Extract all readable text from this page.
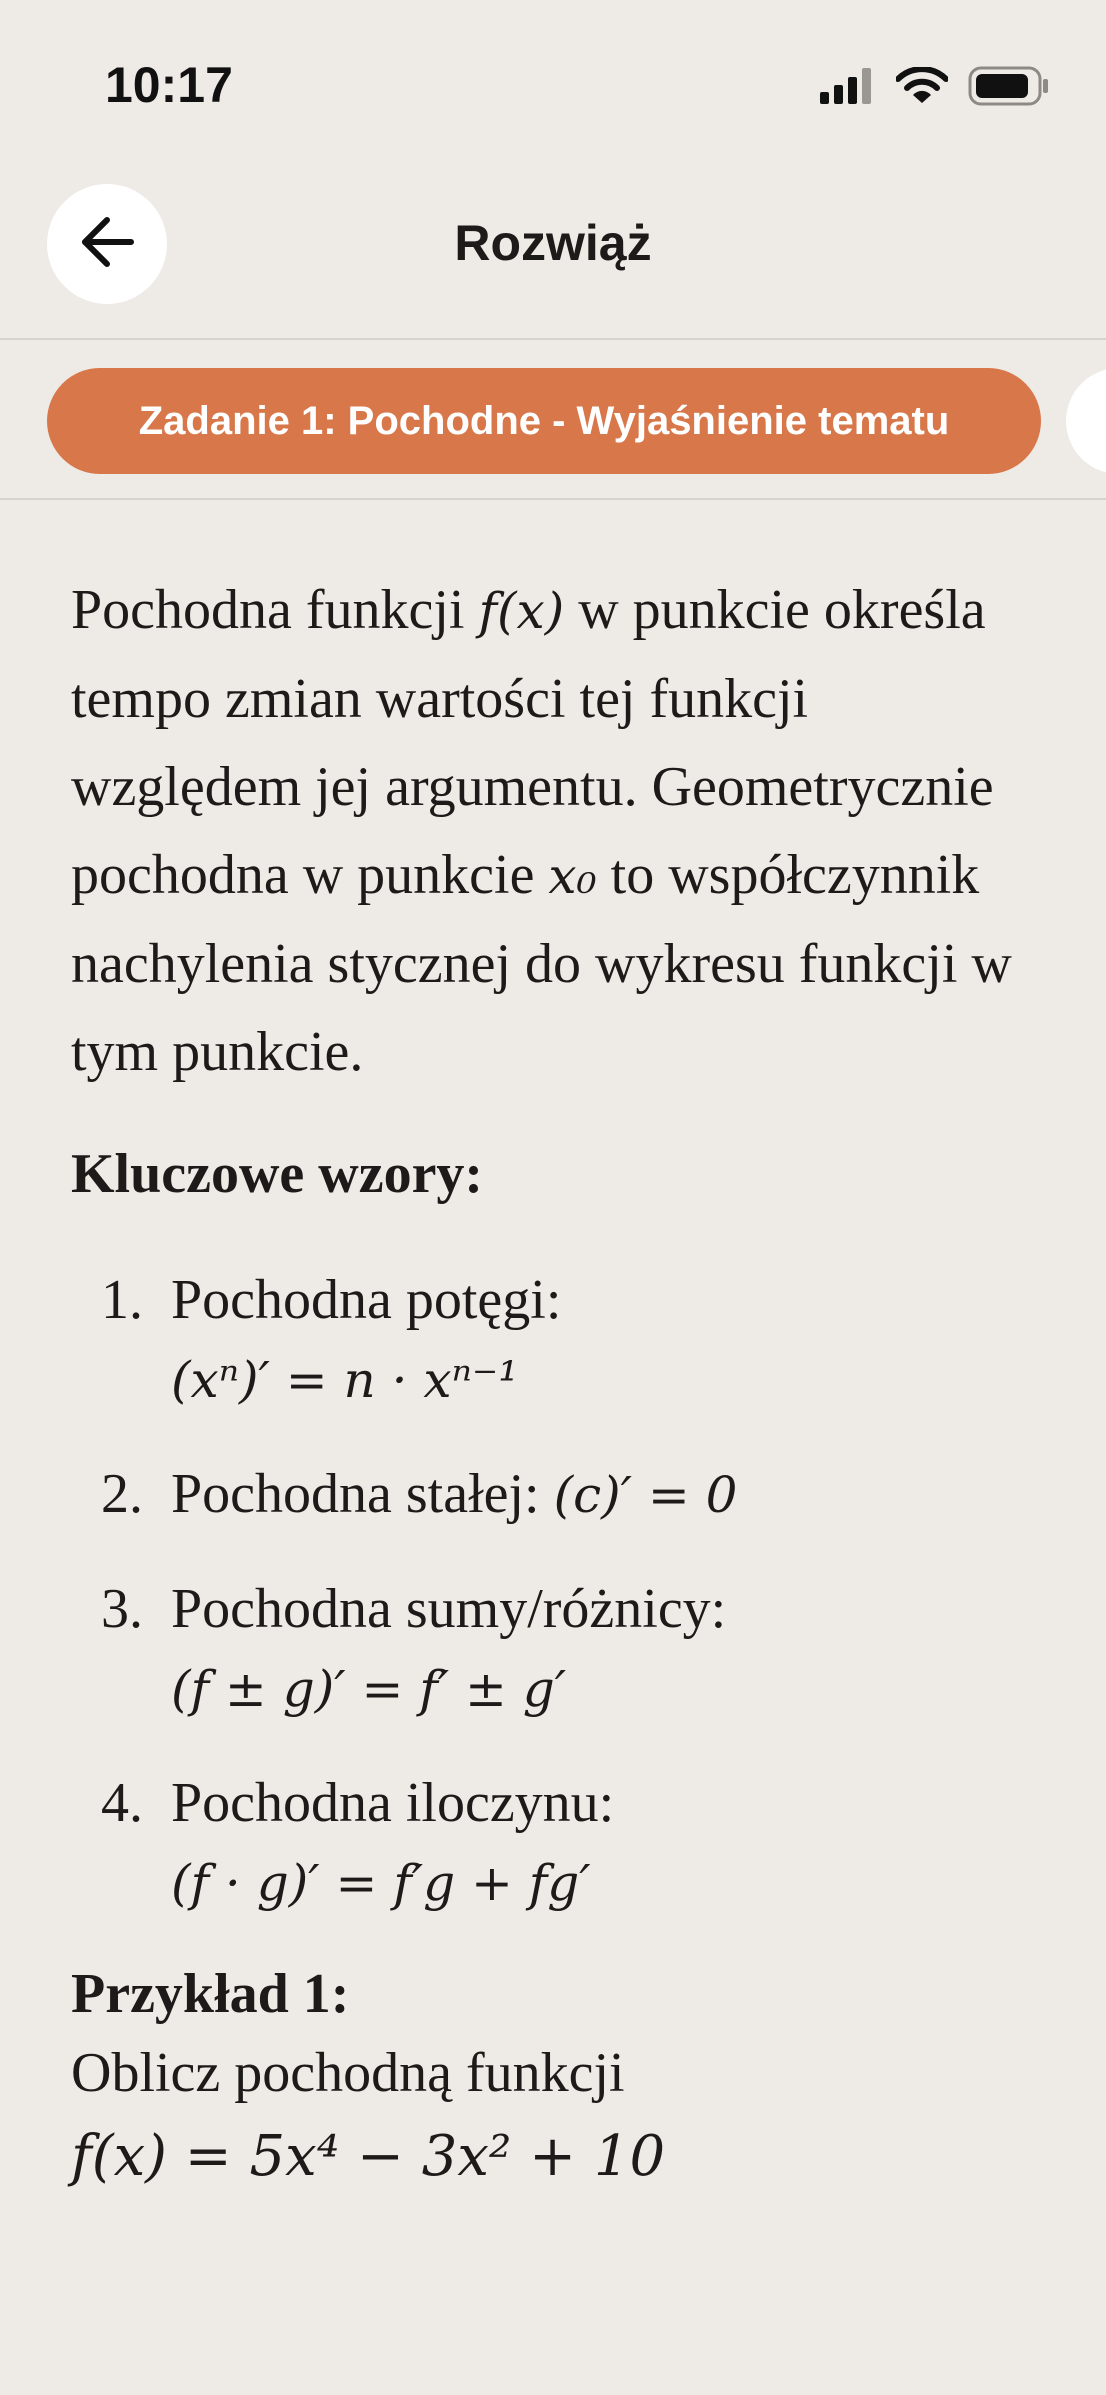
10:17
Rozwiąż
Zadanie 1: Pochodne - Wyjaśnienie tematu

Pochodna funkcji f(x) w punkcie określa tempo zmian wartości tej funkcji względem jej argumentu. Geometrycznie pochodna w punkcie x₀ to współczynnik nachylenia stycznej do wykresu funkcji w tym punkcie.

Kluczowe wzory:
1. Pochodna potęgi:
(xⁿ)′ = n · xⁿ⁻¹
2. Pochodna stałej: (c)′ = 0
3. Pochodna sumy/różnicy:
(f ± g)′ = f′ ± g′
4. Pochodna iloczynu:
(f · g)′ = f′g + fg′
Przykład 1:
Oblicz pochodną funkcji
f(x) = 5x⁴ − 3x² + 10
